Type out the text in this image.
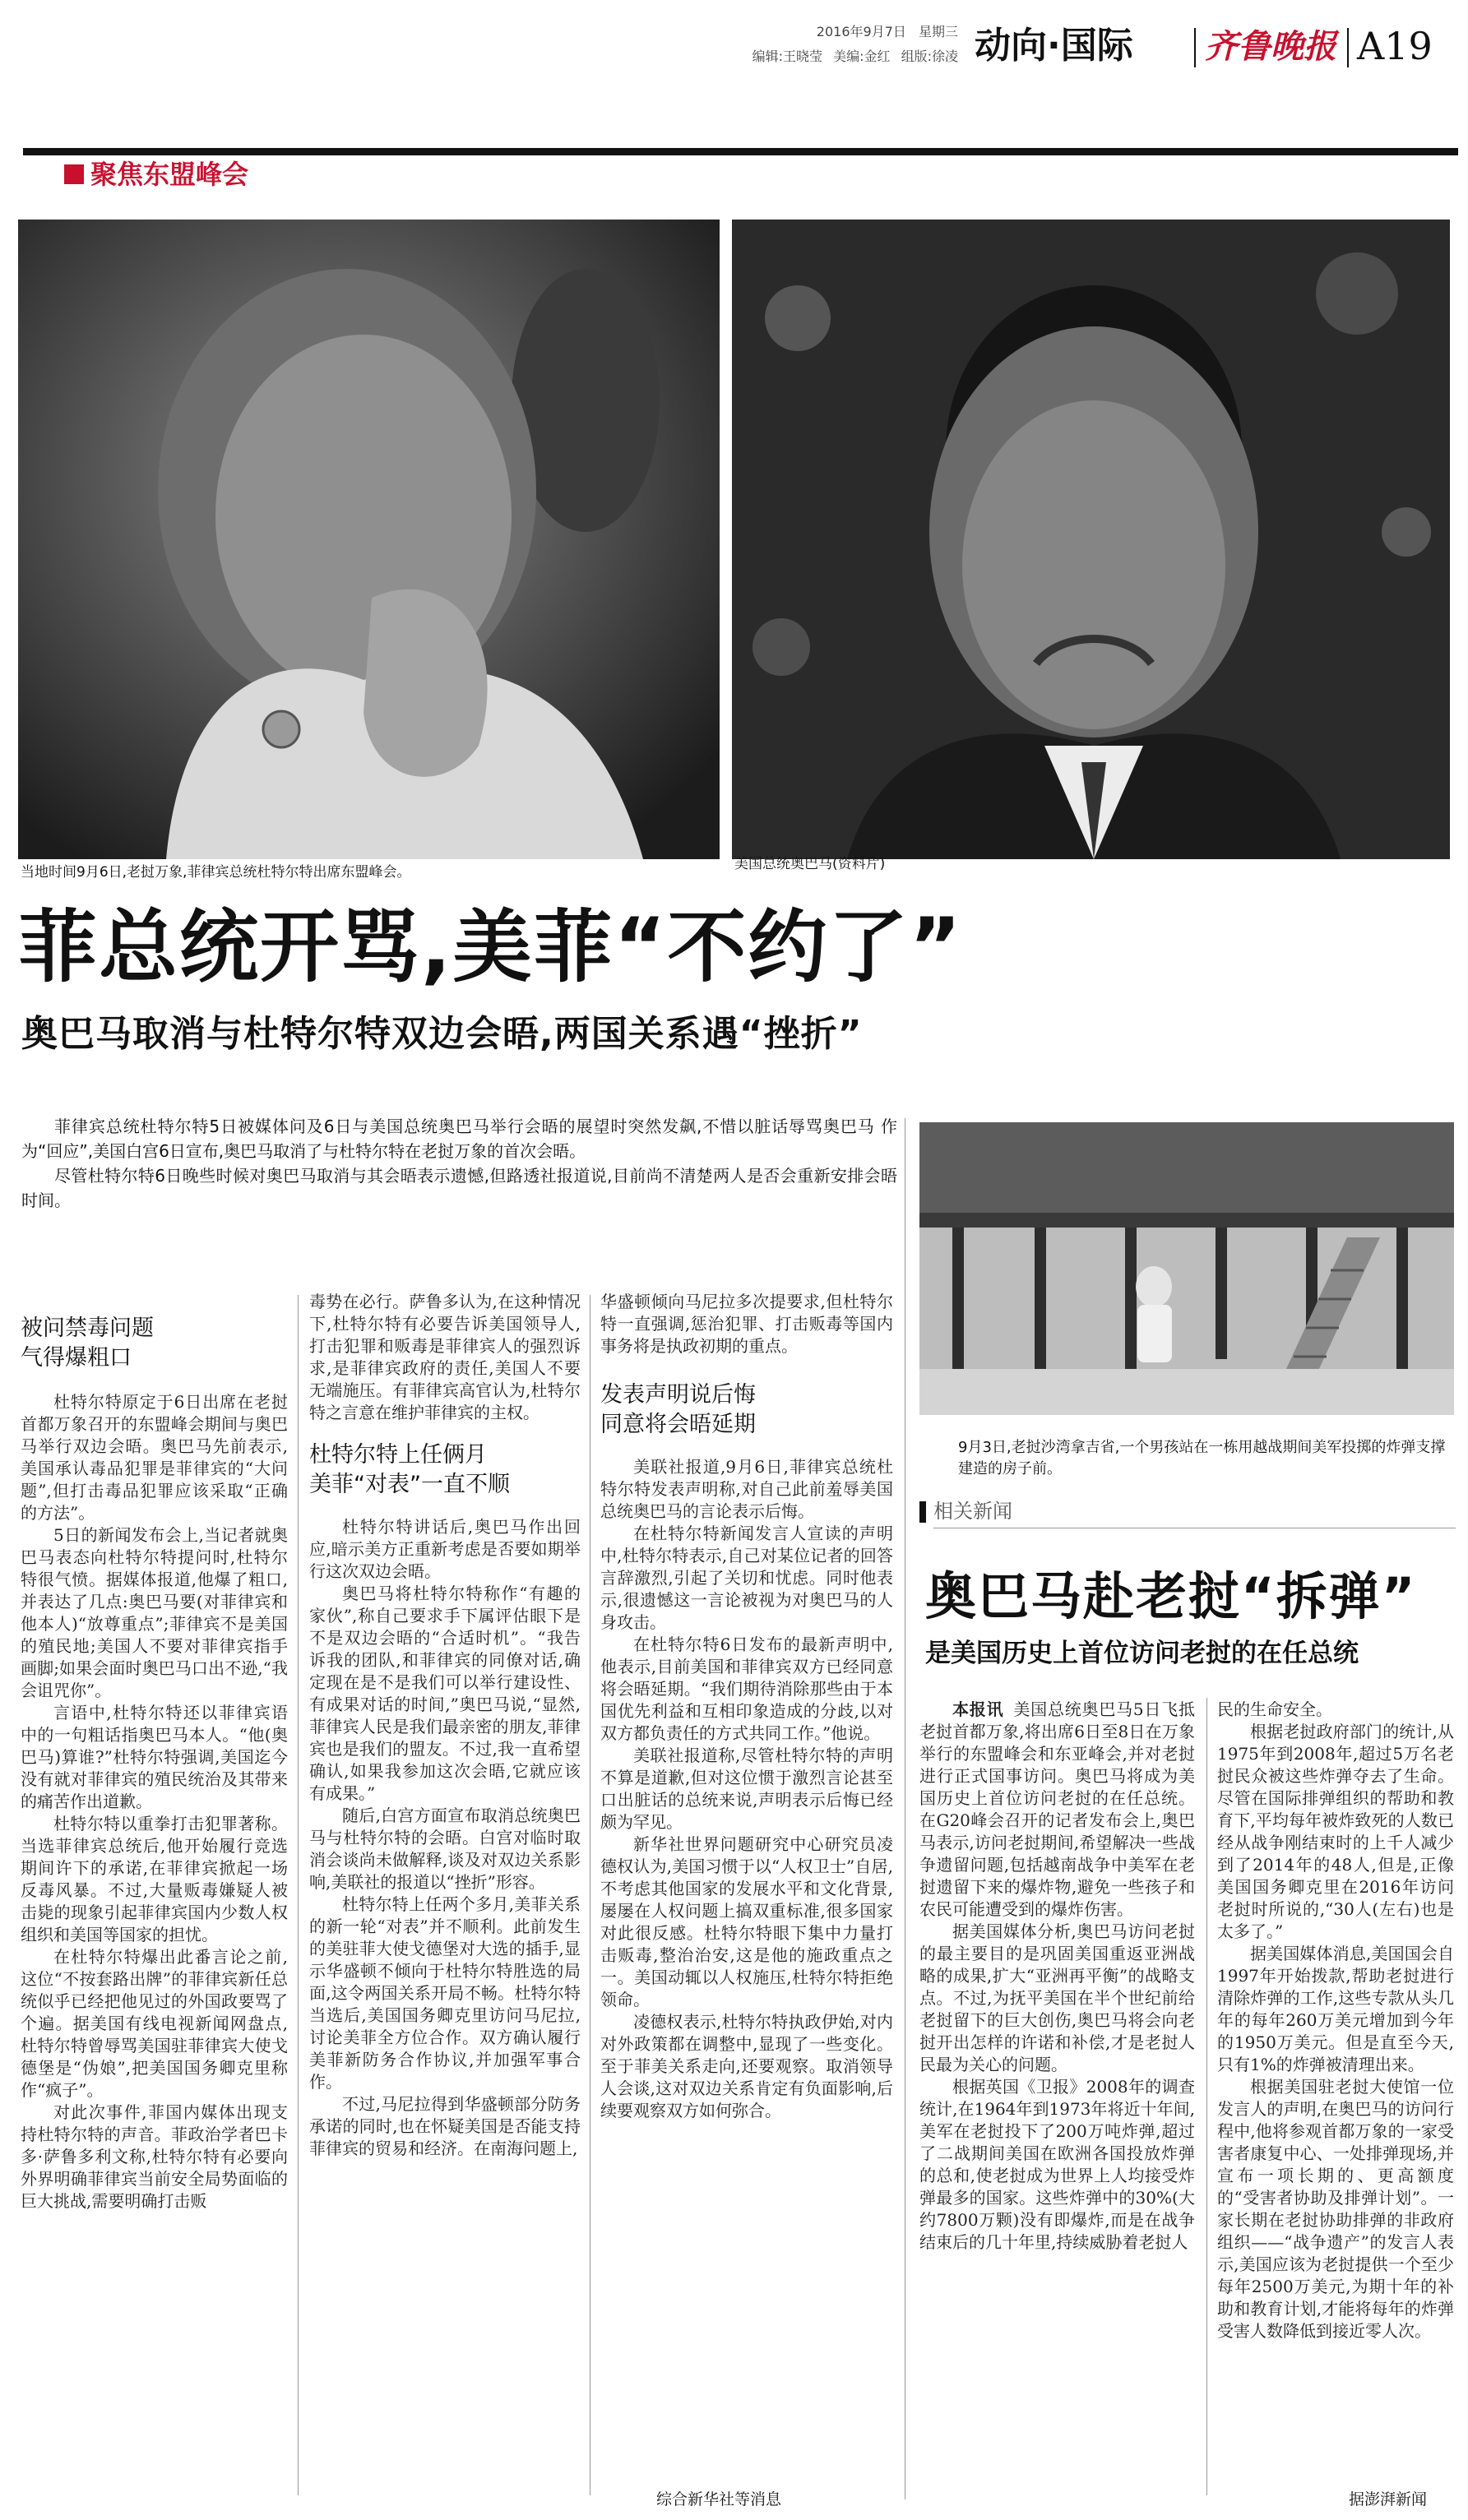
2016年9月7日 星期三
编辑:王晓莹 美编:金红 组版:徐凌 动向·国际 齐鲁晚报 A19
聚焦东盟峰会
当地时间9月6日,老挝万象,菲律宾总统杜特尔特出席东盟峰会。	美国总统奥巴马(资料片)
菲总统开骂,美菲“不约了”
奥巴马取消与杜特尔特双边会晤,两国关系遇“挫折”

菲律宾总统杜特尔特5日被媒体问及6日与美国总统奥巴马举行会晤的展望时突然发飙,不惜以脏话辱骂奥巴马 作为“回应”,美国白宫6日宣布,奥巴马取消了与杜特尔特在老挝万象的首次会晤。

尽管杜特尔特6日晚些时候对奥巴马取消与其会晤表示遗憾,但路透社报道说,目前尚不清楚两人是否会重新安排会晤时间。

被问禁毒问题
气得爆粗口

杜特尔特原定于6日出席在老挝首都万象召开的东盟峰会期间与奥巴马举行双边会晤。奥巴马先前表示,美国承认毒品犯罪是菲律宾的“大问题”,但打击毒品犯罪应该采取“正确的方法”。

5日的新闻发布会上,当记者就奥巴马表态向杜特尔特提问时,杜特尔特很气愤。据媒体报道,他爆了粗口,并表达了几点:奥巴马要(对菲律宾和他本人)“放尊重点”;菲律宾不是美国的殖民地;美国人不要对菲律宾指手画脚;如果会面时奥巴马口出不逊,“我会诅咒你”。

言语中,杜特尔特还以菲律宾语中的一句粗话指奥巴马本人。“他(奥巴马)算谁?”杜特尔特强调,美国迄今没有就对菲律宾的殖民统治及其带来的痛苦作出道歉。

杜特尔特以重拳打击犯罪著称。当选菲律宾总统后,他开始履行竞选期间许下的承诺,在菲律宾掀起一场反毒风暴。不过,大量贩毒嫌疑人被击毙的现象引起菲律宾国内少数人权组织和美国等国家的担忧。

在杜特尔特爆出此番言论之前,这位“不按套路出牌”的菲律宾新任总统似乎已经把他见过的外国政要骂了个遍。据美国有线电视新闻网盘点,杜特尔特曾辱骂美国驻菲律宾大使戈德堡是“伪娘”,把美国国务卿克里称作“疯子”。

对此次事件,菲国内媒体出现支持杜特尔特的声音。菲政治学者巴卡多·萨鲁多利文称,杜特尔特有必要向外界明确菲律宾当前安全局势面临的巨大挑战,需要明确打击贩

毒势在必行。萨鲁多认为,在这种情况下,杜特尔特有必要告诉美国领导人,打击犯罪和贩毒是菲律宾人的强烈诉求,是菲律宾政府的责任,美国人不要无端施压。有菲律宾高官认为,杜特尔特之言意在维护菲律宾的主权。

杜特尔特上任俩月
美菲“对表”一直不顺

杜特尔特讲话后,奥巴马作出回应,暗示美方正重新考虑是否要如期举行这次双边会晤。

奥巴马将杜特尔特称作“有趣的家伙”,称自己要求手下属评估眼下是不是双边会晤的“合适时机”。“我告诉我的团队,和菲律宾的同僚对话,确定现在是不是我们可以举行建设性、有成果对话的时间,”奥巴马说,“显然,菲律宾人民是我们最亲密的朋友,菲律宾也是我们的盟友。不过,我一直希望确认,如果我参加这次会晤,它就应该有成果。”

随后,白宫方面宣布取消总统奥巴马与杜特尔特的会晤。白宫对临时取消会谈尚未做解释,谈及对双边关系影响,美联社的报道以“挫折”形容。

杜特尔特上任两个多月,美菲关系的新一轮“对表”并不顺利。此前发生的美驻菲大使戈德堡对大选的插手,显示华盛顿不倾向于杜特尔特胜选的局面,这令两国关系开局不畅。杜特尔特当选后,美国国务卿克里访问马尼拉,讨论美菲全方位合作。双方确认履行美菲新防务合作协议,并加强军事合作。

不过,马尼拉得到华盛顿部分防务承诺的同时,也在怀疑美国是否能支持菲律宾的贸易和经济。在南海问题上,

华盛顿倾向马尼拉多次提要求,但杜特尔特一直强调,惩治犯罪、打击贩毒等国内事务将是执政初期的重点。

发表声明说后悔
同意将会晤延期

美联社报道,9月6日,菲律宾总统杜特尔特发表声明称,对自己此前羞辱美国总统奥巴马的言论表示后悔。

在杜特尔特新闻发言人宣读的声明中,杜特尔特表示,自己对某位记者的回答言辞激烈,引起了关切和忧虑。同时他表示,很遗憾这一言论被视为对奥巴马的人身攻击。

在杜特尔特6日发布的最新声明中,他表示,目前美国和菲律宾双方已经同意将会晤延期。“我们期待消除那些由于本国优先利益和互相印象造成的分歧,以对双方都负责任的方式共同工作。”他说。

美联社报道称,尽管杜特尔特的声明不算是道歉,但对这位惯于激烈言论甚至口出脏话的总统来说,声明表示后悔已经颇为罕见。

新华社世界问题研究中心研究员凌德权认为,美国习惯于以“人权卫士”自居,不考虑其他国家的发展水平和文化背景,屡屡在人权问题上搞双重标准,很多国家对此很反感。杜特尔特眼下集中力量打击贩毒,整治治安,这是他的施政重点之一。美国动辄以人权施压,杜特尔特拒绝领命。

凌德权表示,杜特尔特执政伊始,对内对外政策都在调整中,显现了一些变化。至于菲美关系走向,还要观察。取消领导人会谈,这对双边关系肯定有负面影响,后续要观察双方如何弥合。

综合新华社等消息
9月3日,老挝沙湾拿吉省,一个男孩站在一栋用越战期间美军投掷的炸弹支撑建造的房子前。
相关新闻
奥巴马赴老挝“拆弹”
是美国历史上首位访问老挝的在任总统

本报讯 美国总统奥巴马5日飞抵老挝首都万象,将出席6日至8日在万象举行的东盟峰会和东亚峰会,并对老挝进行正式国事访问。奥巴马将成为美国历史上首位访问老挝的在任总统。在G20峰会召开的记者发布会上,奥巴马表示,访问老挝期间,希望解决一些战争遗留问题,包括越南战争中美军在老挝遗留下来的爆炸物,避免一些孩子和农民可能遭受到的爆炸伤害。

据美国媒体分析,奥巴马访问老挝的最主要目的是巩固美国重返亚洲战略的成果,扩大“亚洲再平衡”的战略支点。不过,为抚平美国在半个世纪前给老挝留下的巨大创伤,奥巴马将会向老挝开出怎样的许诺和补偿,才是老挝人民最为关心的问题。

根据英国《卫报》2008年的调查统计,在1964年到1973年将近十年间,美军在老挝投下了200万吨炸弹,超过了二战期间美国在欧洲各国投放炸弹的总和,使老挝成为世界上人均接受炸弹最多的国家。这些炸弹中的30%(大约7800万颗)没有即爆炸,而是在战争结束后的几十年里,持续威胁着老挝人

民的生命安全。

根据老挝政府部门的统计,从1975年到2008年,超过5万名老挝民众被这些炸弹夺去了生命。尽管在国际排弹组织的帮助和教育下,平均每年被炸致死的人数已经从战争刚结束时的上千人减少到了2014年的48人,但是,正像美国国务卿克里在2016年访问老挝时所说的,“30人(左右)也是太多了。”

据美国媒体消息,美国国会自1997年开始拨款,帮助老挝进行清除炸弹的工作,这些专款从头几年的每年260万美元增加到今年的1950万美元。但是直至今天,只有1%的炸弹被清理出来。

根据美国驻老挝大使馆一位发言人的声明,在奥巴马的访问行程中,他将参观首都万象的一家受害者康复中心、一处排弹现场,并宣布一项长期的、更高额度的“受害者协助及排弹计划”。一家长期在老挝协助排弹的非政府组织——“战争遗产”的发言人表示,美国应该为老挝提供一个至少每年2500万美元,为期十年的补助和教育计划,才能将每年的炸弹受害人数降低到接近零人次。

据澎湃新闻
